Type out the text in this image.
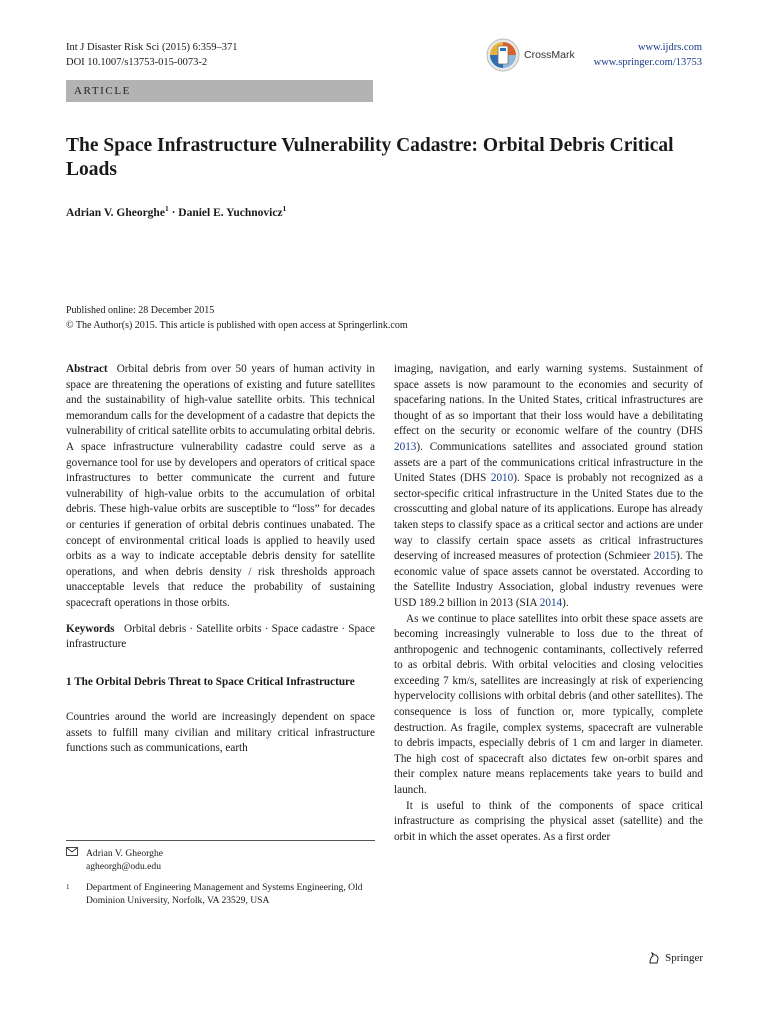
Int J Disaster Risk Sci (2015) 6:359–371
DOI 10.1007/s13753-015-0073-2
CrossMark
www.ijdrs.com
www.springer.com/13753
ARTICLE
The Space Infrastructure Vulnerability Cadastre: Orbital Debris Critical Loads
Adrian V. Gheorghe$^1$ · Daniel E. Yuchnovicz$^1$
Published online: 28 December 2015
© The Author(s) 2015. This article is published with open access at Springerlink.com

Abstract Orbital debris from over 50 years of human activity in space are threatening the operations of existing and future satellites and the sustainability of high-value satellite orbits. This technical memorandum calls for the development of a cadastre that depicts the vulnerability of critical satellite orbits to accumulating orbital debris. A space infrastructure vulnerability cadastre could serve as a governance tool for use by developers and operators of critical space infrastructures to better communicate the current and future vulnerability of high-value orbits to the accumulation of orbital debris. These high-value orbits are susceptible to “loss” for decades or centuries if generation of orbital debris continues unabated. The concept of environmental critical loads is applied to heavily used orbits as a way to indicate acceptable debris density for satellite operations, and when debris density / risk thresholds approach unacceptable levels that reduce the probability of sustaining spacecraft operations in those orbits.

Keywords Orbital debris · Satellite orbits · Space cadastre · Space infrastructure

1 The Orbital Debris Threat to Space Critical Infrastructure

Countries around the world are increasingly dependent on space assets to fulfill many civilian and military critical infrastructure functions such as communications, earth

Adrian V. Gheorghe
agheorgh@odu.edu
1	Department of Engineering Management and Systems Engineering, Old Dominion University, Norfolk, VA 23529, USA

imaging, navigation, and early warning systems. Sustainment of space assets is now paramount to the economies and security of spacefaring nations. In the United States, critical infrastructures are thought of as so important that their loss would have a debilitating effect on the security or economic welfare of the country (DHS 2013). Communications satellites and associated ground station assets are a part of the communications critical infrastructure in the United States (DHS 2010). Space is probably not recognized as a sector-specific critical infrastructure in the United States due to the crosscutting and global nature of its applications. Europe has already taken steps to classify space as a critical sector and actions are under way to classify certain space assets as critical infrastructures deserving of increased measures of protection (Schmieer 2015). The economic value of space assets cannot be overstated. According to the Satellite Industry Association, global industry revenues were USD 189.2 billion in 2013 (SIA 2014).

As we continue to place satellites into orbit these space assets are becoming increasingly vulnerable to loss due to the threat of anthropogenic and technogenic contaminants, collectively referred to as orbital debris. With orbital velocities and closing velocities exceeding 7 km/s, satellites are increasingly at risk of experiencing hypervelocity collisions with orbital debris (and other satellites). The consequence is loss of function or, more typically, complete destruction. As fragile, complex systems, spacecraft are vulnerable to debris impacts, especially debris of 1 cm and larger in diameter. The high cost of spacecraft also dictates few on-orbit spares and their complex nature means replacements take years to build and launch.

It is useful to think of the components of space critical infrastructure as comprising the physical asset (satellite) and the orbit in which the asset operates. As a first order

Springer
